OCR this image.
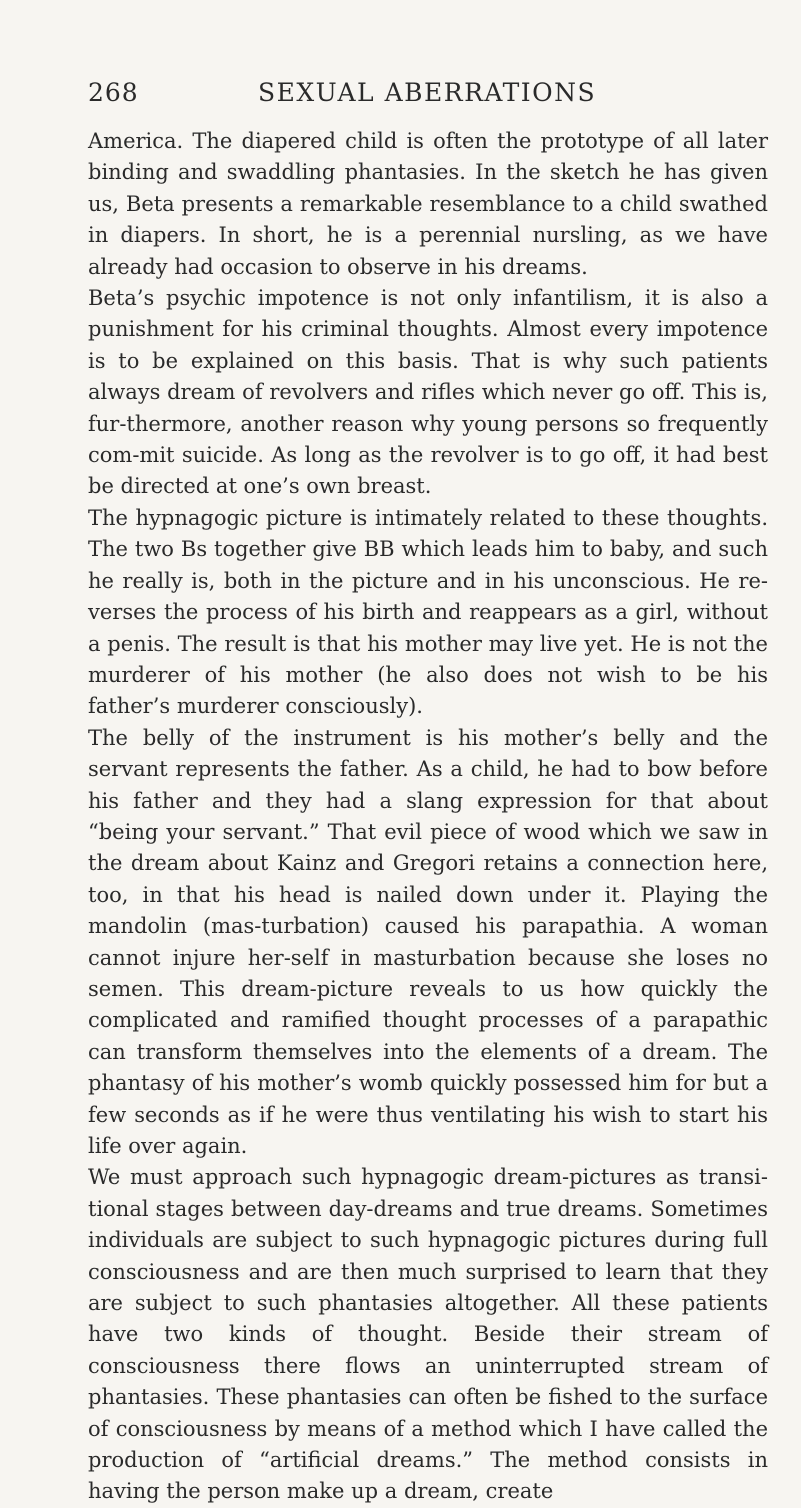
268	SEXUAL ABERRATIONS

America. The diapered child is often the prototype of all later binding and swaddling phantasies. In the sketch he has given us, Beta presents a remarkable resemblance to a child swathed in diapers. In short, he is a perennial nursling, as we have already had occasion to observe in his dreams.

Beta’s psychic impotence is not only infantilism, it is also a punishment for his criminal thoughts. Almost every impotence is to be explained on this basis. That is why such patients always dream of revolvers and rifles which never go off. This is, fur-thermore, another reason why young persons so frequently com-mit suicide. As long as the revolver is to go off, it had best be directed at one’s own breast.

The hypnagogic picture is intimately related to these thoughts. The two Bs together give BB which leads him to baby, and such he really is, both in the picture and in his unconscious. He re-verses the process of his birth and reappears as a girl, without a penis. The result is that his mother may live yet. He is not the murderer of his mother (he also does not wish to be his father’s murderer consciously).

The belly of the instrument is his mother’s belly and the servant represents the father. As a child, he had to bow before his father and they had a slang expression for that about “being your servant.” That evil piece of wood which we saw in the dream about Kainz and Gregori retains a connection here, too, in that his head is nailed down under it. Playing the mandolin (mas-turbation) caused his parapathia. A woman cannot injure her-self in masturbation because she loses no semen. This dream-picture reveals to us how quickly the complicated and ramified thought processes of a parapathic can transform themselves into the elements of a dream. The phantasy of his mother’s womb quickly possessed him for but a few seconds as if he were thus ventilating his wish to start his life over again.

We must approach such hypnagogic dream-pictures as transi-tional stages between day-dreams and true dreams. Sometimes individuals are subject to such hypnagogic pictures during full consciousness and are then much surprised to learn that they are subject to such phantasies altogether. All these patients have two kinds of thought. Beside their stream of consciousness there flows an uninterrupted stream of phantasies. These phantasies can often be fished to the surface of consciousness by means of a method which I have called the production of “artificial dreams.” The method consists in having the person make up a dream, create
